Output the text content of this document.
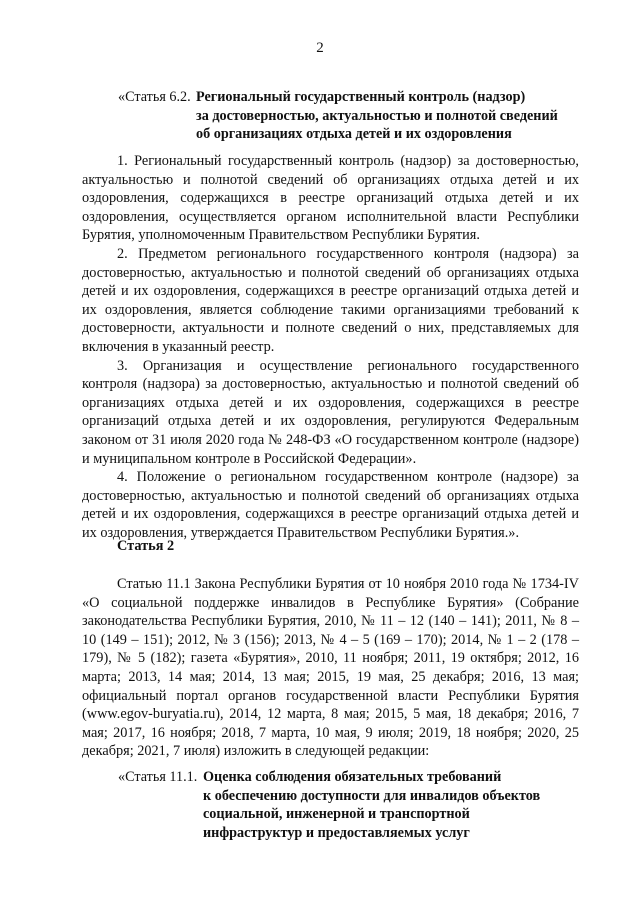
2
«Статья 6.2. Региональный государственный контроль (надзор)
за достоверностью, актуальностью и полнотой сведений
об организациях отдыха детей и их оздоровления

1. Региональный государственный контроль (надзор) за достоверностью, актуальностью и полнотой сведений об организациях отдыха детей и их оздоровления, содержащихся в реестре организаций отдыха детей и их оздоровления, осуществляется органом исполнительной власти Республики Бурятия, уполномоченным Правительством Республики Бурятия.

2. Предметом регионального государственного контроля (надзора) за достоверностью, актуальностью и полнотой сведений об организациях отдыха детей и их оздоровления, содержащихся в реестре организаций отдыха детей и их оздоровления, является соблюдение такими организациями требований к достоверности, актуальности и полноте сведений о них, представляемых для включения в указанный реестр.

3. Организация и осуществление регионального государственного контроля (надзора) за достоверностью, актуальностью и полнотой сведений об организациях отдыха детей и их оздоровления, содержащихся в реестре организаций отдыха детей и их оздоровления, регулируются Федеральным законом от 31 июля 2020 года № 248-ФЗ «О государственном контроле (надзоре) и муниципальном контроле в Российской Федерации».

4. Положение о региональном государственном контроле (надзоре) за достоверностью, актуальностью и полнотой сведений об организациях отдыха детей и их оздоровления, содержащихся в реестре организаций отдыха детей и их оздоровления, утверждается Правительством Республики Бурятия.».

Статья 2

Статью 11.1 Закона Республики Бурятия от 10 ноября 2010 года № 1734-IV «О социальной поддержке инвалидов в Республике Бурятия» (Собрание законодательства Республики Бурятия, 2010, № 11 – 12 (140 – 141); 2011, № 8 – 10 (149 – 151); 2012, № 3 (156); 2013, № 4 – 5 (169 – 170); 2014, № 1 – 2 (178 – 179), № 5 (182); газета «Бурятия», 2010, 11 ноября; 2011, 19 октября; 2012, 16 марта; 2013, 14 мая; 2014, 13 мая; 2015, 19 мая, 25 декабря; 2016, 13 мая; официальный портал органов государственной власти Республики Бурятия (www.egov-buryatia.ru), 2014, 12 марта, 8 мая; 2015, 5 мая, 18 декабря; 2016, 7 мая; 2017, 16 ноября; 2018, 7 марта, 10 мая, 9 июля; 2019, 18 ноября; 2020, 25 декабря; 2021, 7 июля) изложить в следующей редакции:

«Статья 11.1. Оценка соблюдения обязательных требований
к обеспечению доступности для инвалидов объектов
социальной, инженерной и транспортной
инфраструктур и предоставляемых услуг
